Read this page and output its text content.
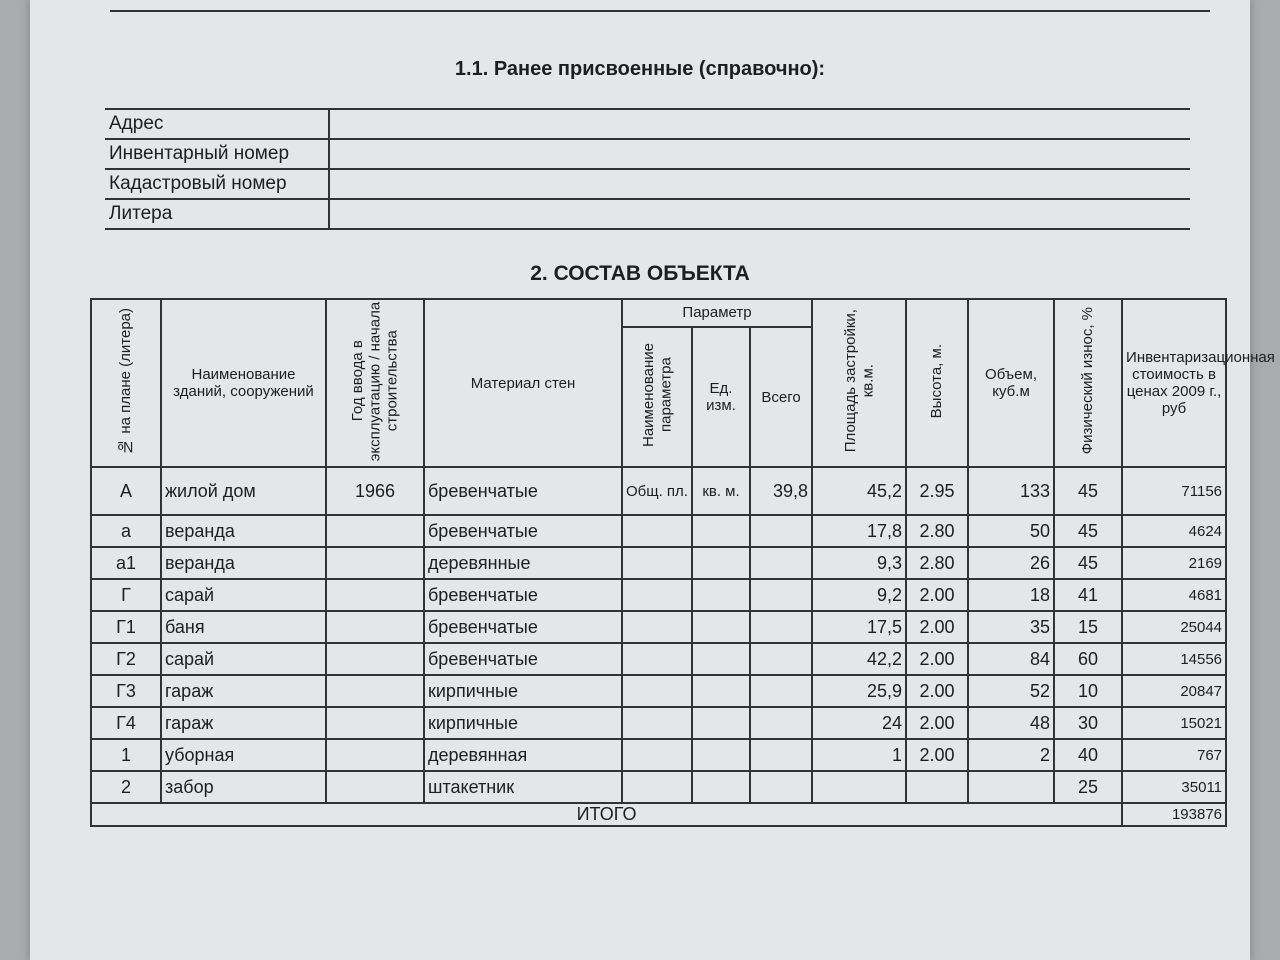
1.1. Ранее присвоенные (справочно):
Адрес	
Инвентарный номер	
Кадастровый номер	
Литера	
2. СОСТАВ ОБЪЕКТА
№ на плане (литера)	Наименование зданий, сооружений	Год ввода в эксплуатацию / начала строительства	Материал стен	Параметр			Площадь застройки, кв.м.	Высота, м.	Объем, куб.м	Физический износ, %	Инвентаризационная стоимость в ценах 2009 г., руб
				Наименование параметра	Ед. изм.	Всего					
А	жилой дом	1966	бревенчатые	Общ. пл.	кв. м.	39,8	45,2	2.95	133	45	71156
а	веранда		бревенчатые				17,8	2.80	50	45	4624
а1	веранда		деревянные				9,3	2.80	26	45	2169
Г	сарай		бревенчатые				9,2	2.00	18	41	4681
Г1	баня		бревенчатые				17,5	2.00	35	15	25044
Г2	сарай		бревенчатые				42,2	2.00	84	60	14556
Г3	гараж		кирпичные				25,9	2.00	52	10	20847
Г4	гараж		кирпичные				24	2.00	48	30	15021
1	уборная		деревянная				1	2.00	2	40	767
2	забор		штакетник							25	35011
ИТОГО											193876
